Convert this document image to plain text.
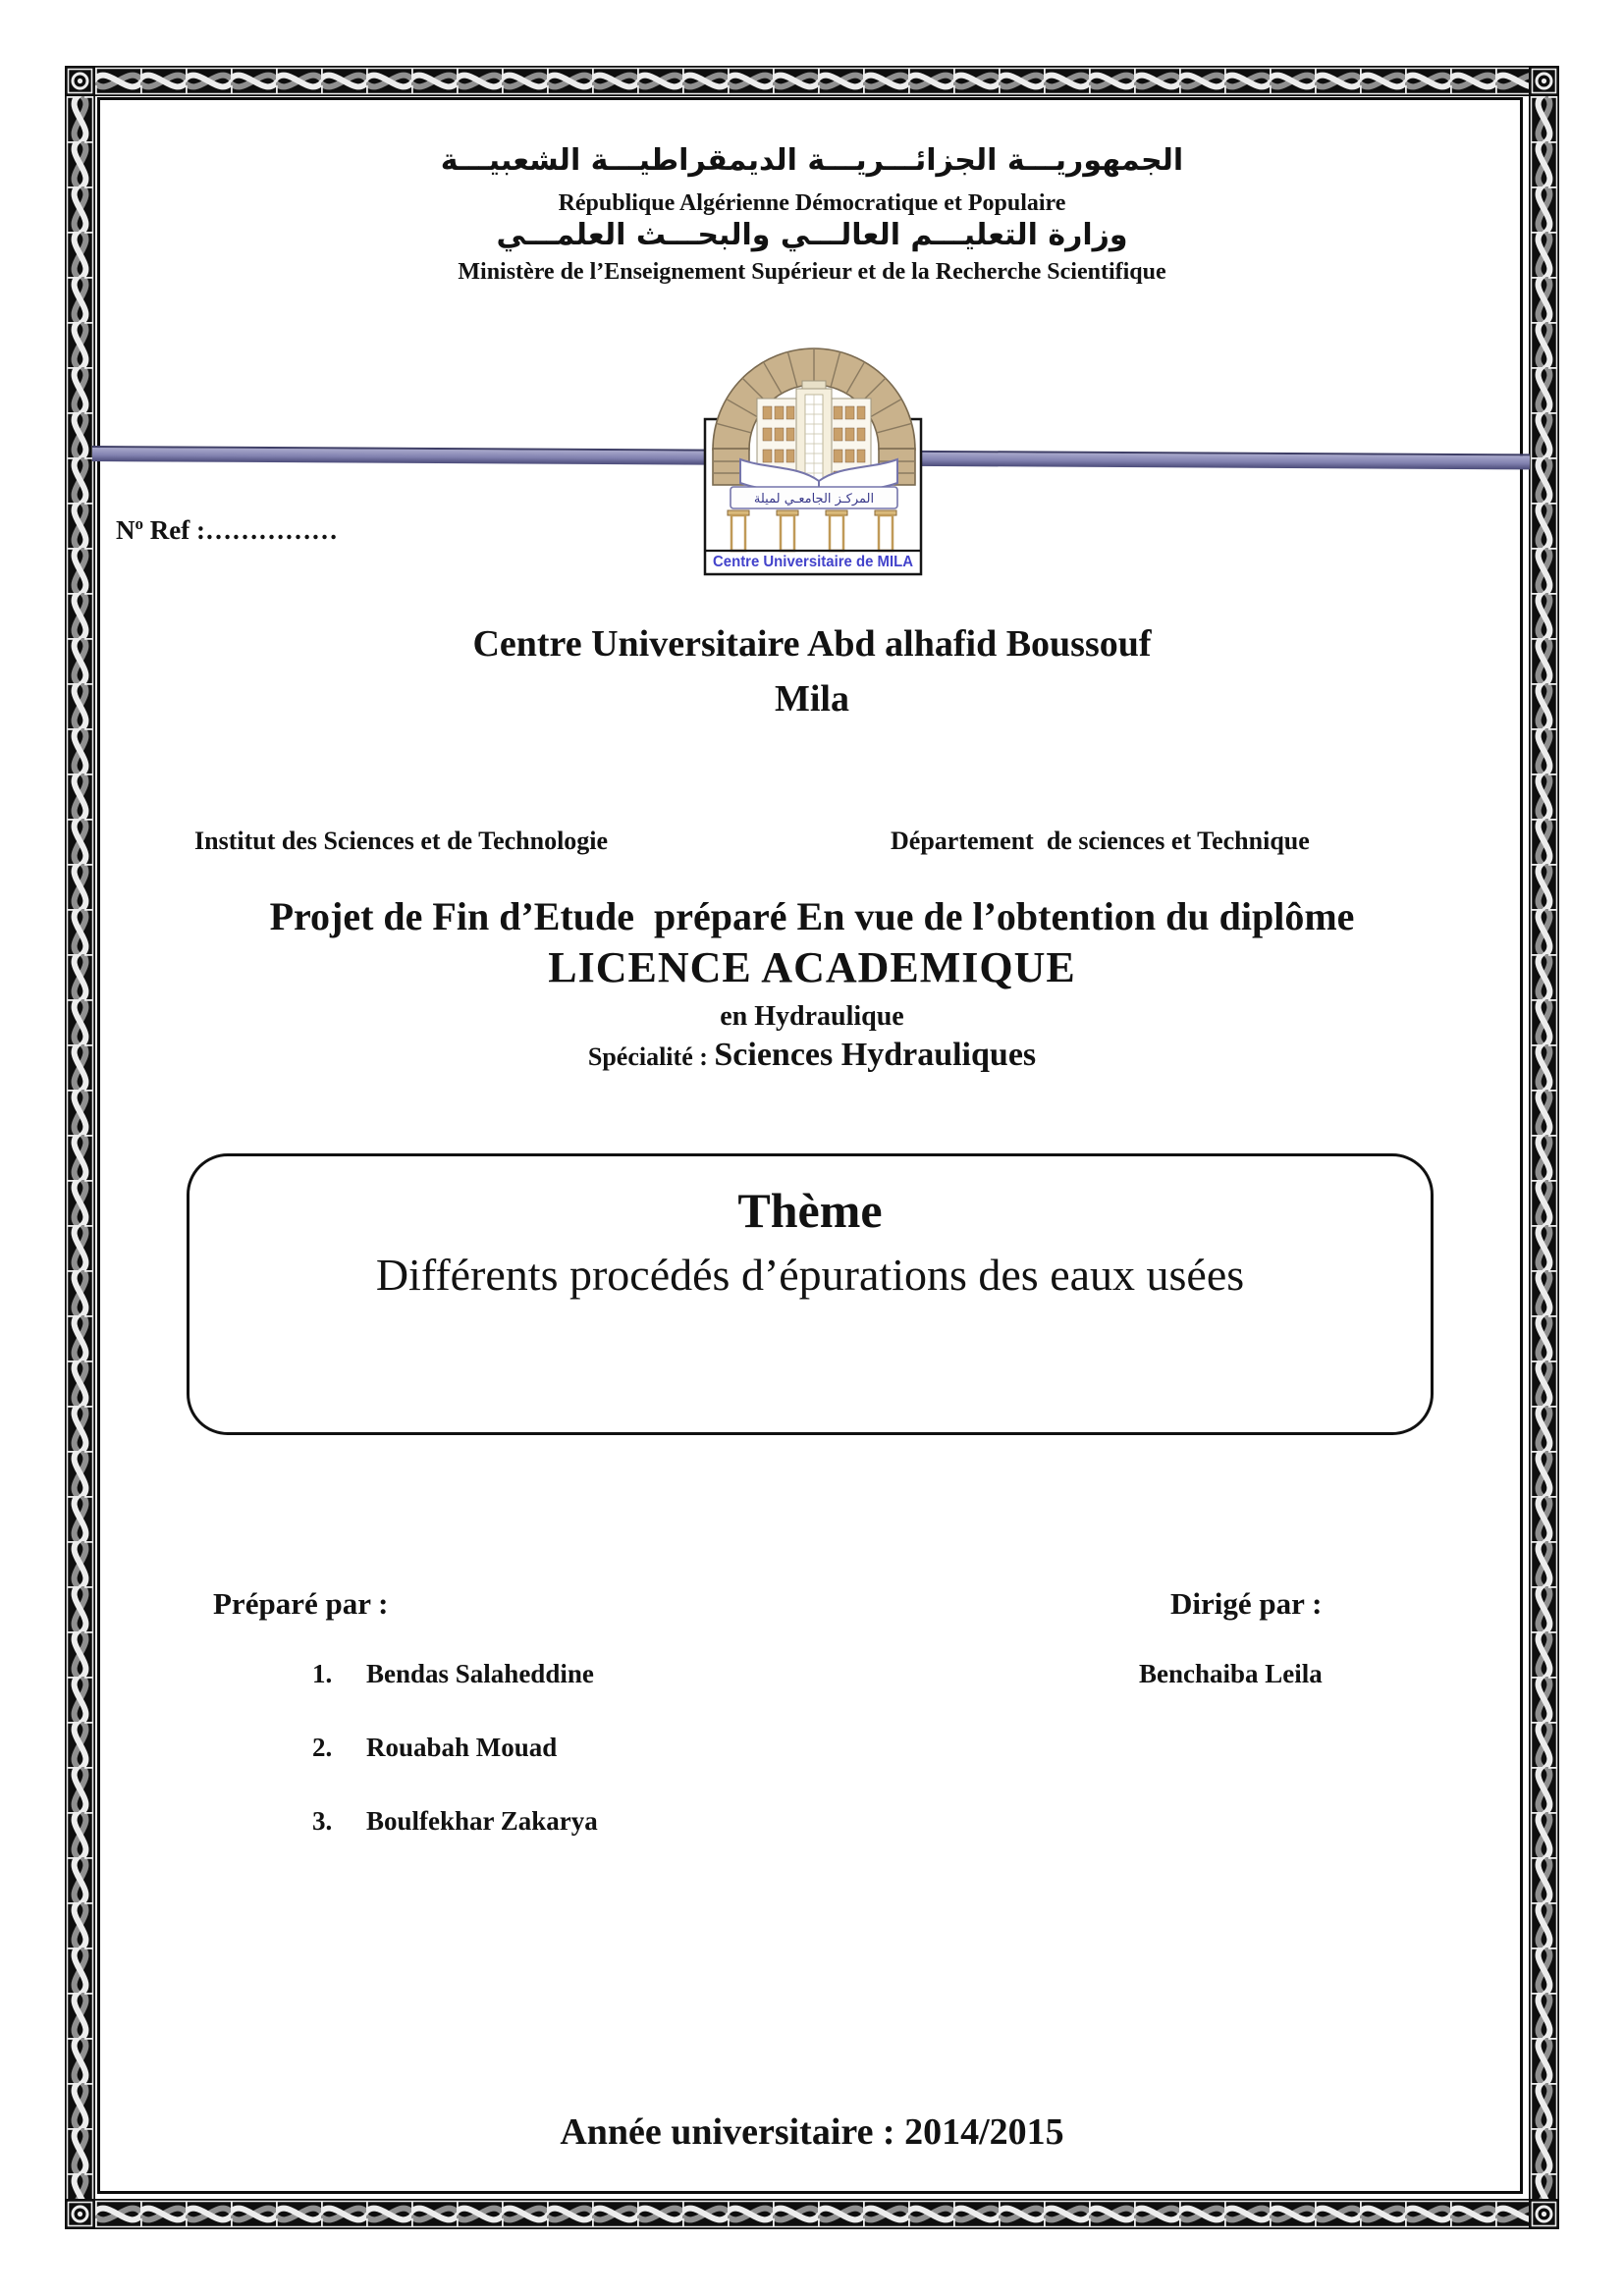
الجمهوريـــة الجزائـــريـــة الديمقراطيـــة الشعبيـــة
République Algérienne Démocratique et Populaire
وزارة التعليـــم العالـــي والبحـــث العلمـــي
Ministère de l’Enseignement Supérieur et de la Recherche Scientifique
المركـز الجامعـي لميلة
Centre Universitaire de MILA
$N^o$ Ref :……………
Centre Universitaire Abd alhafid Boussouf
Mila
Institut des Sciences et de Technologie	Département  de sciences et Technique
Projet de Fin d’Etude  préparé En vue de l’obtention du diplôme
LICENCE ACADEMIQUE
en Hydraulique
Spécialité : Sciences Hydrauliques
Thème
Différents procédés d’épurations des eaux usées
Préparé par :	Dirigé par :
1. Bendas Salaheddine
2. Rouabah Mouad
3. Boulfekhar Zakarya
Benchaiba Leila
Année universitaire : 2014/2015
